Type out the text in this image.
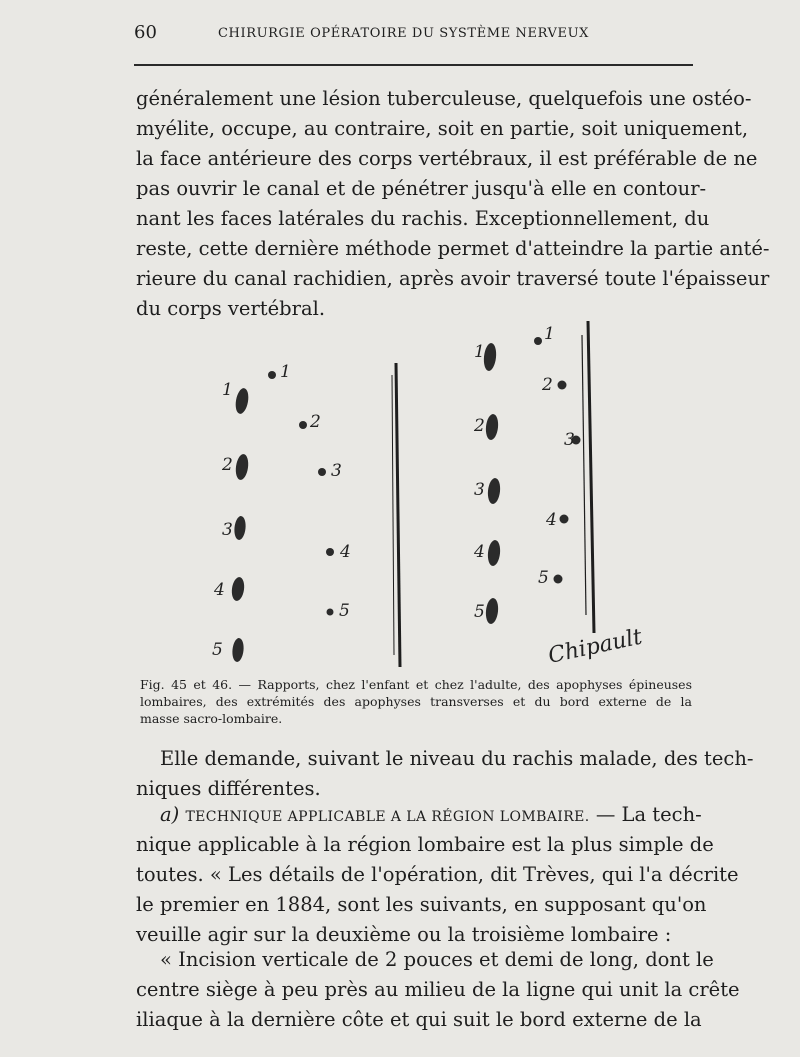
60	CHIRURGIE OPÉRATOIRE DU SYSTÈME NERVEUX

généralement une lésion tuberculeuse, quelquefois une ostéo-
myélite, occupe, au contraire, soit en partie, soit uniquement,
la face antérieure des corps vertébraux, il est préférable de ne
pas ouvrir le canal et de pénétrer jusqu'à elle en contour-
nant les faces latérales du rachis. Exceptionnellement, du
reste, cette dernière méthode permet d'atteindre la partie anté-
rieure du canal rachidien, après avoir traversé toute l'épaisseur
du corps vertébral.

1
2
3
4
5
1
2
3
4
5
1
2
3
4
5
1
2
3
4
5
Chipault

Fig. 45 et 46. — Rapports, chez l'enfant et chez l'adulte, des apophyses épineuses
lombaires, des extrémités des apophyses transverses et du bord externe de la
masse sacro-lombaire.

Elle demande, suivant le niveau du rachis malade, des tech-
niques différentes.

a) TECHNIQUE APPLICABLE A LA RÉGION LOMBAIRE. — La tech-
nique applicable à la région lombaire est la plus simple de
toutes. « Les détails de l'opération, dit Trèves, qui l'a décrite
le premier en 1884, sont les suivants, en supposant qu'on
veuille agir sur la deuxième ou la troisième lombaire :

« Incision verticale de 2 pouces et demi de long, dont le
centre siège à peu près au milieu de la ligne qui unit la crête
iliaque à la dernière côte et qui suit le bord externe de la
